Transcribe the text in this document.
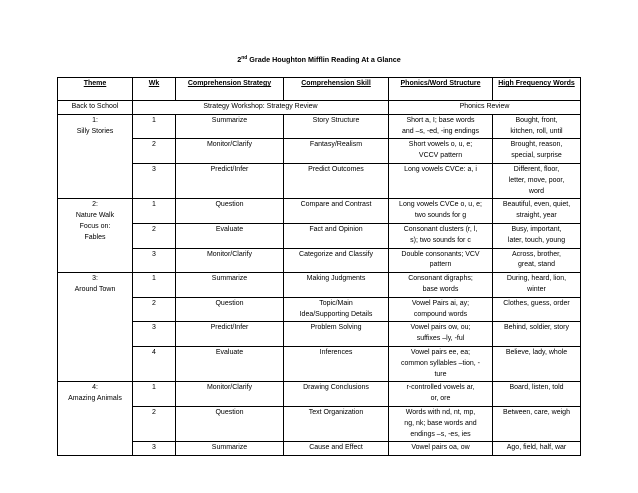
2nd Grade Houghton Mifflin Reading At a Glance
Theme	Wk	Comprehension Strategy	Comprehension Skill	Phonics/Word Structure	High Frequency Words
Back to School	Strategy Workshop: Strategy Review			Phonics Review	
1:
Silly Stories	1	Summarize	Story Structure	Short a, I; base words
and –s, -ed, -ing endings	Bought, front,
kitchen, roll, until
	2	Monitor/Clarify	Fantasy/Realism	Short vowels o, u, e;
VCCV pattern	Brought, reason,
special, surprise
	3	Predict/Infer	Predict Outcomes	Long vowels CVCe: a, i	Different, floor,
letter, move, poor,
word
2:
Nature Walk
Focus on:
Fables	1	Question	Compare and Contrast	Long vowels CVCe o, u, e;
two sounds for g	Beautiful, even, quiet,
straight, year
	2	Evaluate	Fact and Opinion	Consonant clusters (r, l,
s); two sounds for c	Busy, important,
later, touch, young
	3	Monitor/Clarify	Categorize and Classify	Double consonants; VCV
pattern	Across, brother,
great, stand
3:
Around Town	1	Summarize	Making Judgments	Consonant digraphs;
base words	During, heard, lion,
winter
	2	Question	Topic/Main
Idea/Supporting Details	Vowel Pairs ai, ay;
compound words	Clothes, guess, order
	3	Predict/Infer	Problem Solving	Vowel pairs ow, ou;
suffixes –ly, -ful	Behind, soldier, story
	4	Evaluate	Inferences	Vowel pairs ee, ea;
common syllables –tion, -
ture	Believe, lady, whole
4:
Amazing Animals	1	Monitor/Clarify	Drawing Conclusions	r-controlled vowels ar,
or, ore	Board, listen, told
	2	Question	Text Organization	Words with nd, nt, mp,
ng, nk; base words and
endings –s, -es, ies	Between, care, weigh
	3	Summarize	Cause and Effect	Vowel pairs oa, ow	Ago, field, half, war
